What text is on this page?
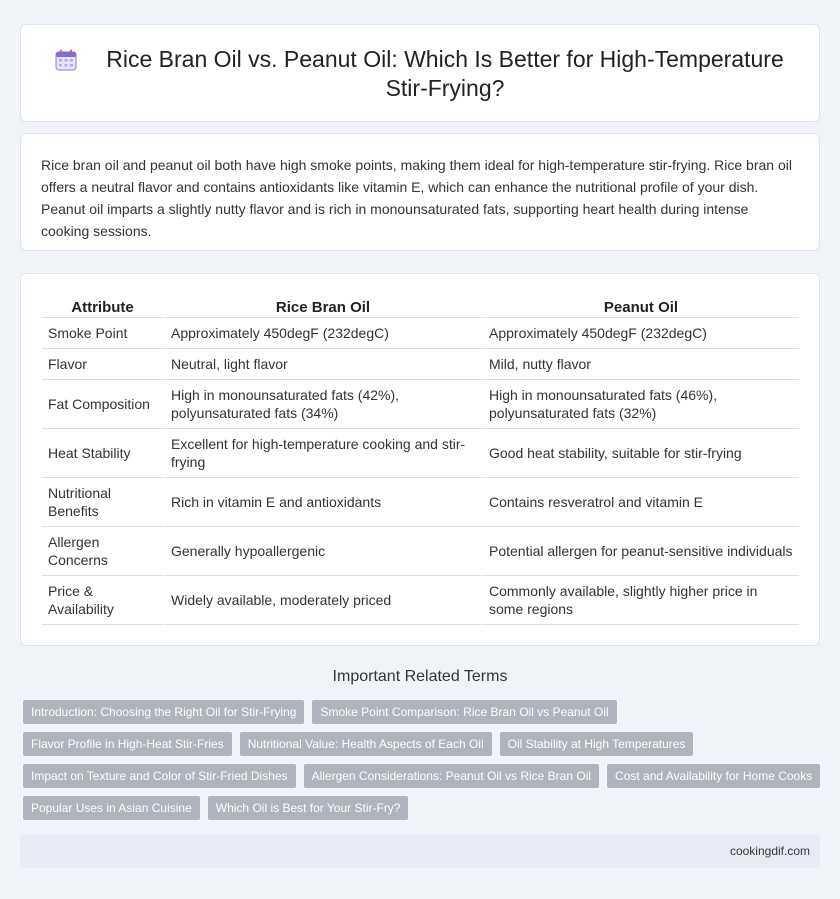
Rice Bran Oil vs. Peanut Oil: Which Is Better for High-Temperature Stir-Frying?

Rice bran oil and peanut oil both have high smoke points, making them ideal for high-temperature stir-frying. Rice bran oil offers a neutral flavor and contains antioxidants like vitamin E, which can enhance the nutritional profile of your dish. Peanut oil imparts a slightly nutty flavor and is rich in monounsaturated fats, supporting heart health during intense cooking sessions.

Attribute	Rice Bran Oil	Peanut Oil
Smoke Point	Approximately 450degF (232degC)	Approximately 450degF (232degC)
Flavor	Neutral, light flavor	Mild, nutty flavor
Fat Composition	High in monounsaturated fats (42%), polyunsaturated fats (34%)	High in monounsaturated fats (46%), polyunsaturated fats (32%)
Heat Stability	Excellent for high-temperature cooking and stir-frying	Good heat stability, suitable for stir-frying
Nutritional Benefits	Rich in vitamin E and antioxidants	Contains resveratrol and vitamin E
Allergen Concerns	Generally hypoallergenic	Potential allergen for peanut-sensitive individuals
Price & Availability	Widely available, moderately priced	Commonly available, slightly higher price in some regions
Important Related Terms
Introduction: Choosing the Right Oil for Stir-Frying	Smoke Point Comparison: Rice Bran Oil vs Peanut Oil
Flavor Profile in High-Heat Stir-Fries	Nutritional Value: Health Aspects of Each Oil	Oil Stability at High Temperatures
Impact on Texture and Color of Stir-Fried Dishes	Allergen Considerations: Peanut Oil vs Rice Bran Oil	Cost and Availability for Home Cooks
Popular Uses in Asian Cuisine	Which Oil is Best for Your Stir-Fry?
cookingdif.com
